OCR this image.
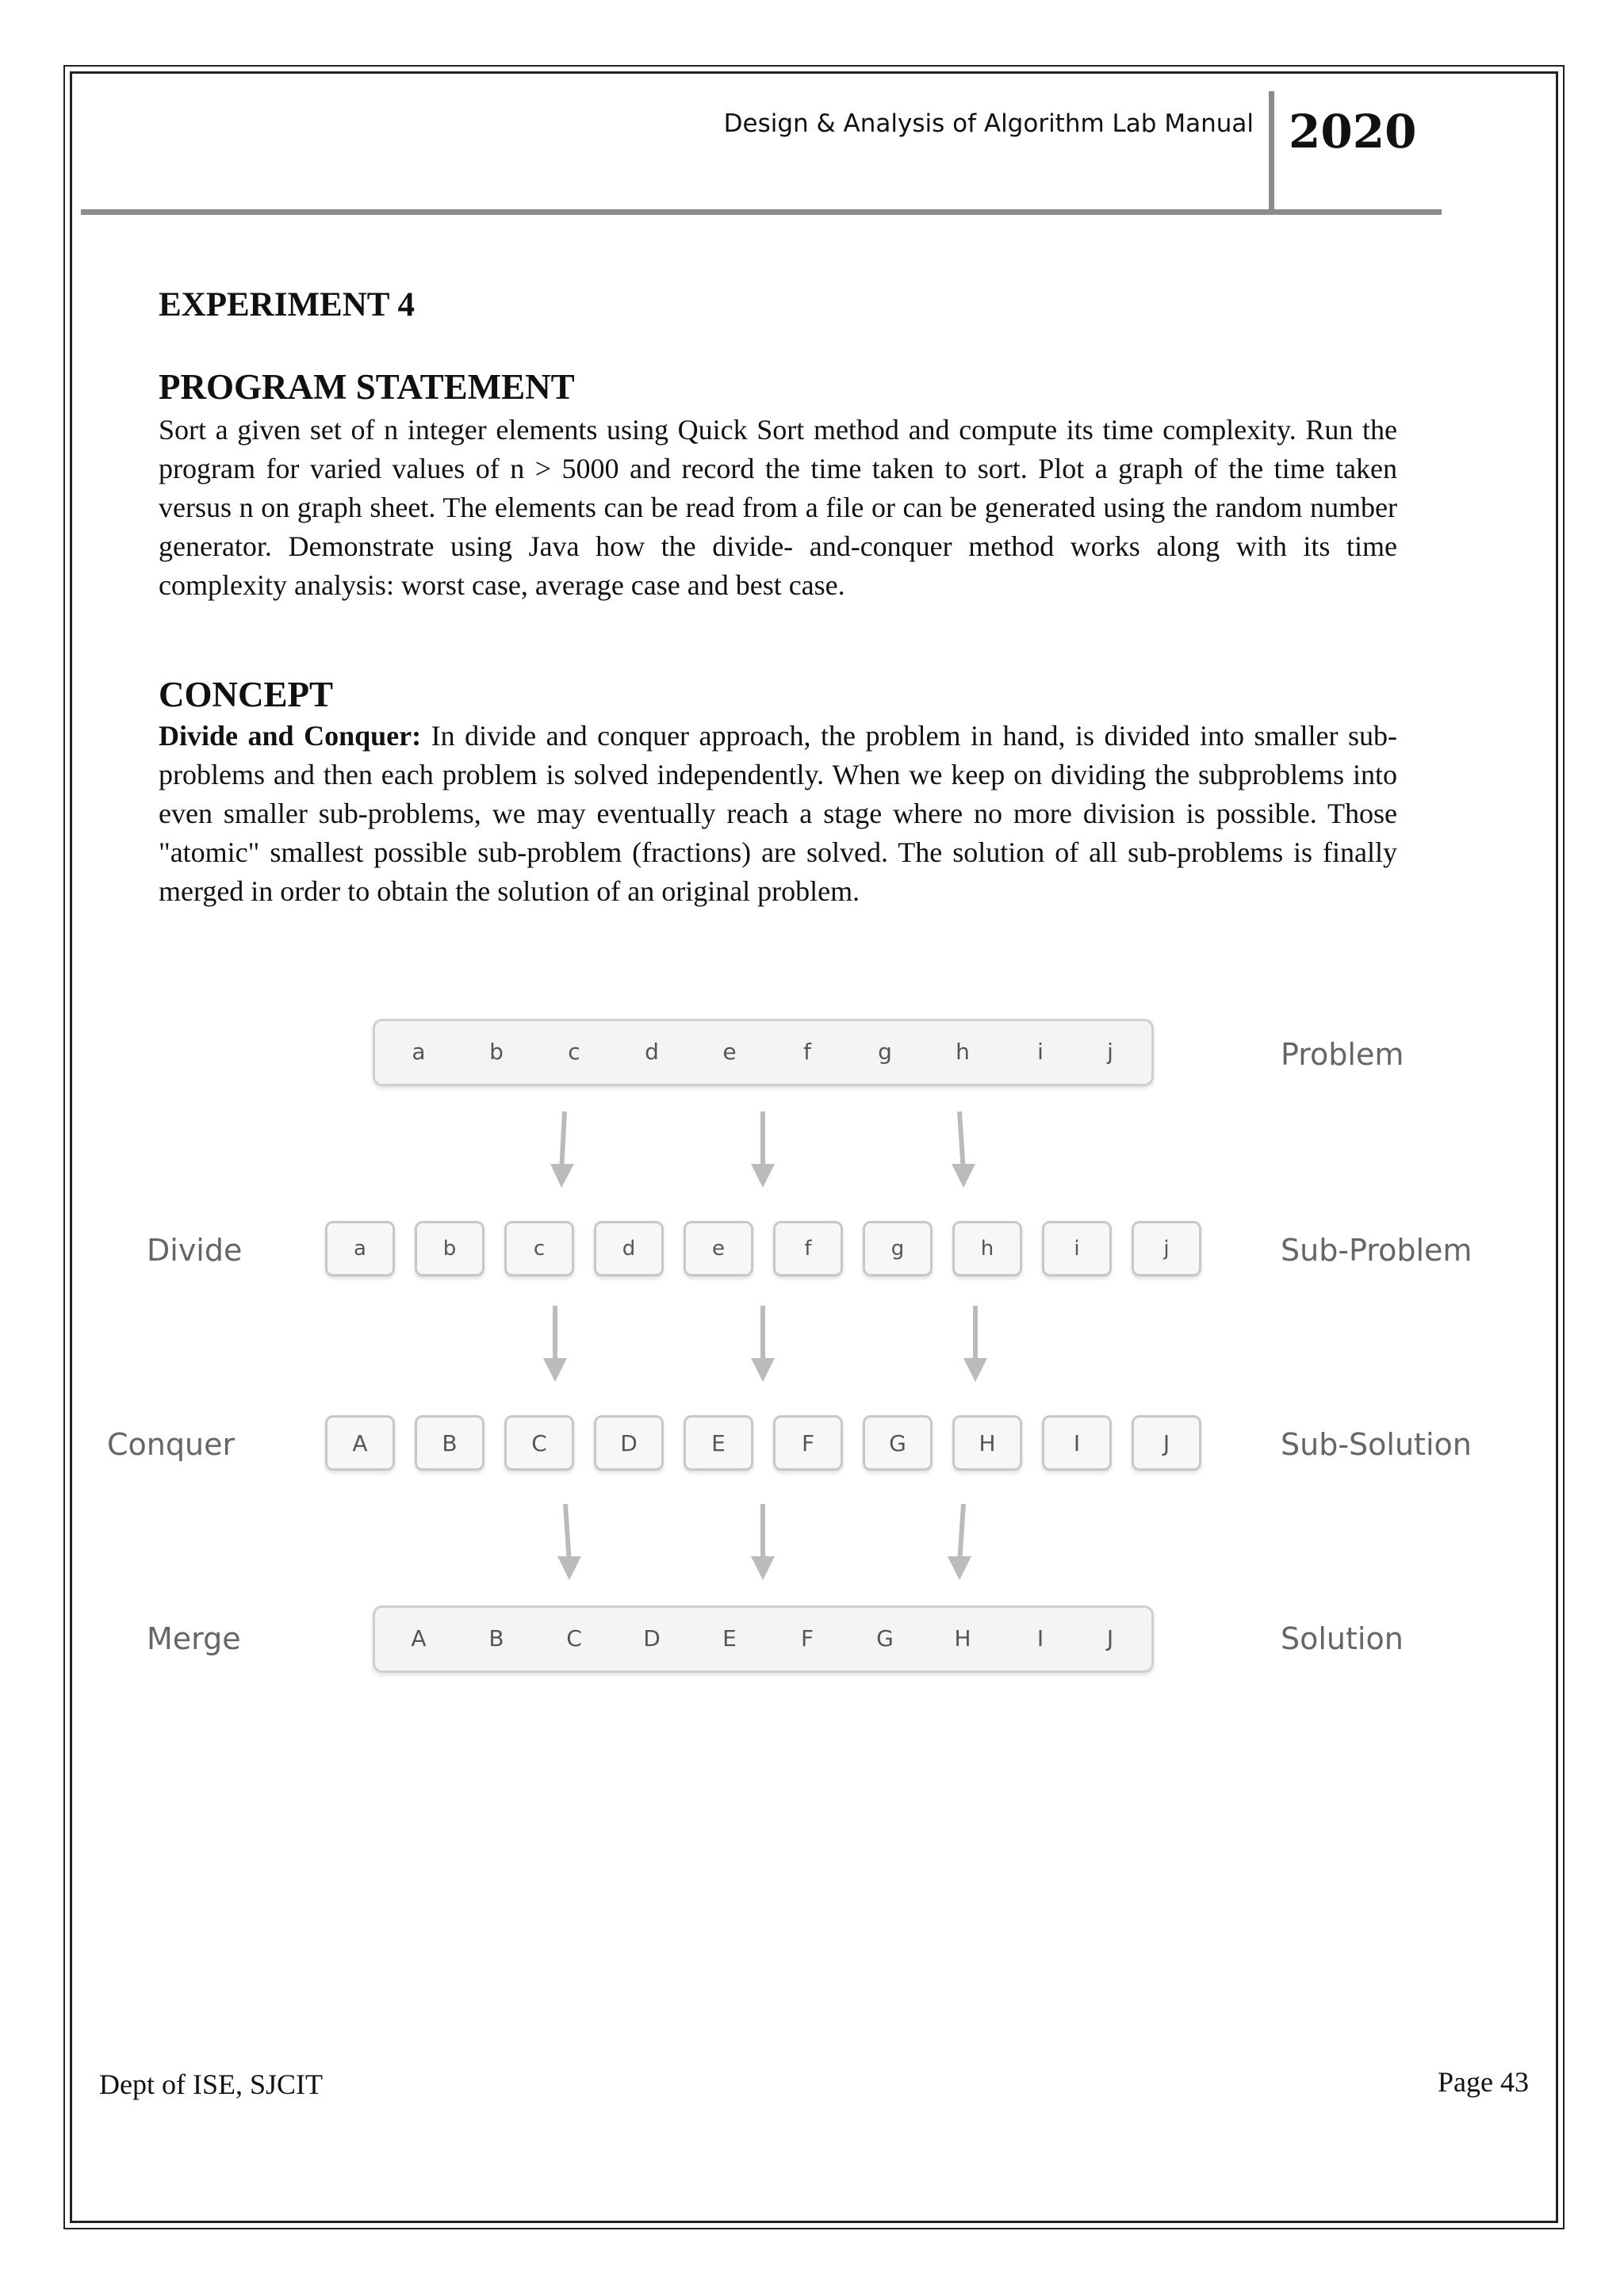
Design & Analysis of Algorithm Lab Manual 2020
EXPERIMENT 4
PROGRAM STATEMENT
Sort a given set of n integer elements using Quick Sort method and compute its time complexity. Run the program for varied values of n > 5000 and record the time taken to sort. Plot a graph of the time taken versus n on graph sheet. The elements can be read from a file or can be generated using the random number generator. Demonstrate using Java how the divide- and-conquer method works along with its time complexity analysis: worst case, average case and best case.
CONCEPT
Divide and Conquer: In divide and conquer approach, the problem in hand, is divided into smaller sub-problems and then each problem is solved independently. When we keep on dividing the subproblems into even smaller sub-problems, we may eventually reach a stage where no more division is possible. Those "atomic" smallest possible sub-problem (fractions) are solved. The solution of all sub-problems is finally merged in order to obtain the solution of an original problem.
a	b	c	d	e	f	g	h	i	j	Problem
Divide	a	b	c	d	e	f	g	h	i	j	Sub-Problem
Conquer	A	B	C	D	E	F	G	H	I	J	Sub-Solution
Merge	A	B	C	D	E	F	G	H	I	J	Solution
Dept of ISE, SJCIT	Page 43
